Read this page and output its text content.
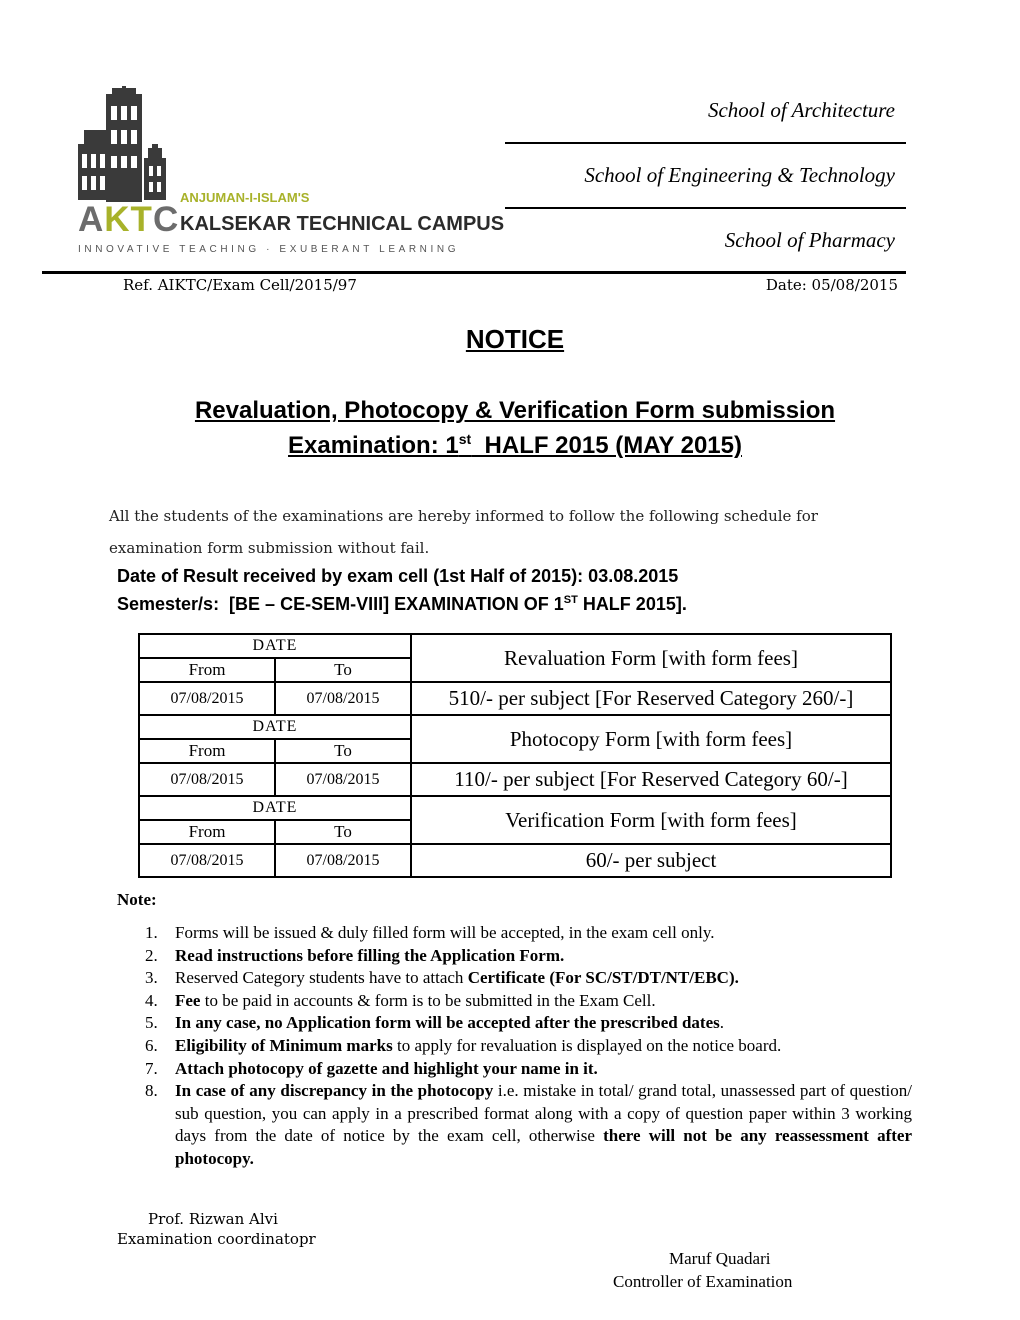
ANJUMAN-I-ISLAM'S
AKTC KALSEKAR TECHNICAL CAMPUS
INNOVATIVE TEACHING · EXUBERANT LEARNING
School of Architecture
School of Engineering & Technology
School of Pharmacy
Ref. AIKTC/Exam Cell/2015/97	Date: 05/08/2015
NOTICE
Revaluation, Photocopy & Verification Form submission
Examination: 1st  HALF 2015 (MAY 2015)
All the students of the examinations are hereby informed to follow the following schedule for examination form submission without fail.
Date of Result received by exam cell (1st Half of 2015): 03.08.2015
Semester/s:  [BE – CE-SEM-VIII] EXAMINATION OF 1ST HALF 2015].
DATE		Revaluation Form [with form fees]
From	To	
07/08/2015	07/08/2015	510/- per subject [For Reserved Category 260/-]
DATE		Photocopy Form [with form fees]
From	To	
07/08/2015	07/08/2015	110/- per subject [For Reserved Category 60/-]
DATE		Verification Form [with form fees]
From	To	
07/08/2015	07/08/2015	60/- per subject
Note:
1. Forms will be issued & duly filled form will be accepted, in the exam cell only.
2. Read instructions before filling the Application Form.
3. Reserved Category students have to attach Certificate (For SC/ST/DT/NT/EBC).
4. Fee to be paid in accounts & form is to be submitted in the Exam Cell.
5. In any case, no Application form will be accepted after the prescribed dates.
6. Eligibility of Minimum marks to apply for revaluation is displayed on the notice board.
7. Attach photocopy of gazette and highlight your name in it.
8. In case of any discrepancy in the photocopy i.e. mistake in total/ grand total, unassessed part of question/ sub question, you can apply in a prescribed format along with a copy of question paper within 3 working days from the date of notice by the exam cell, otherwise there will not be any reassessment after photocopy.
Prof. Rizwan Alvi
Examination coordinatopr
Maruf Quadari
Controller of Examination
